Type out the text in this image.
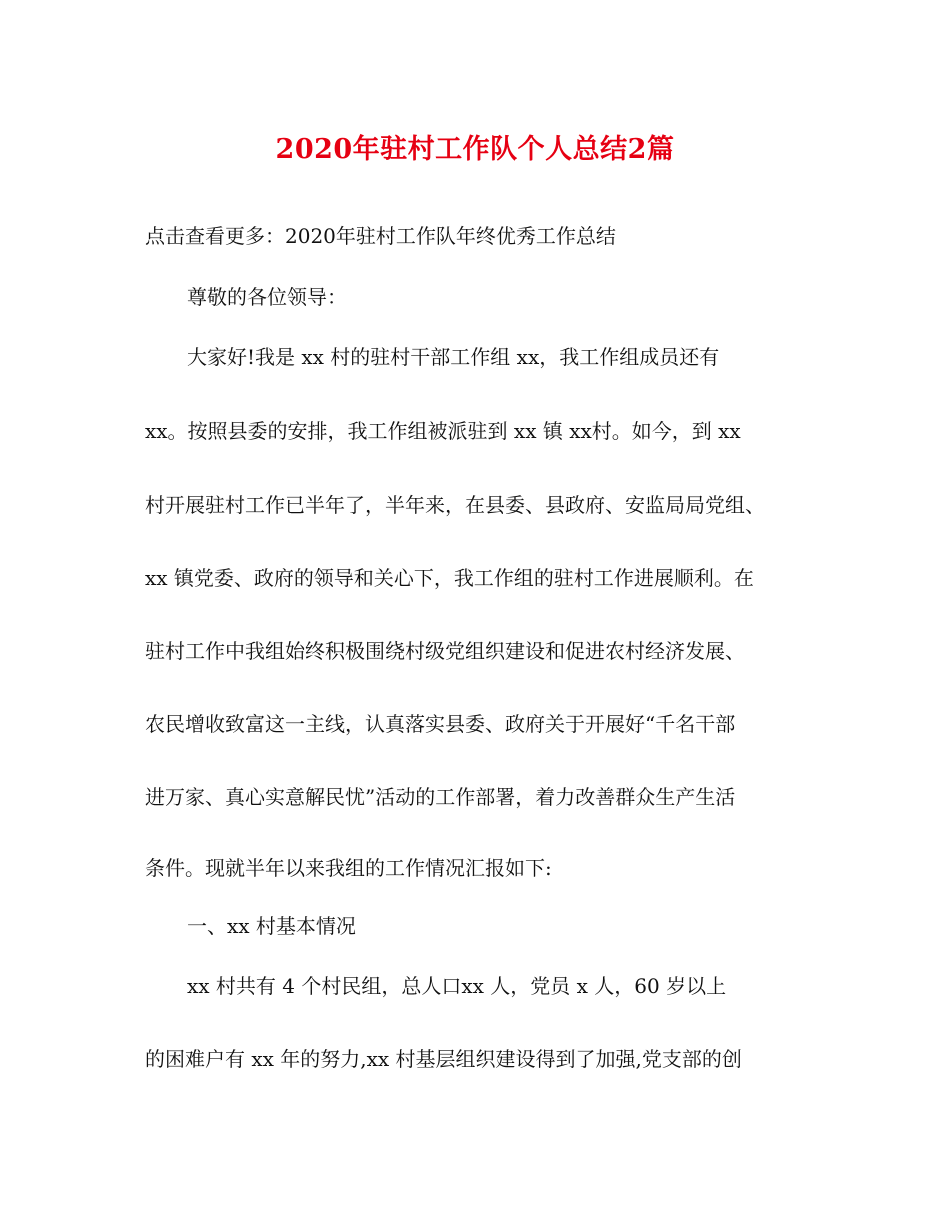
2020年驻村工作队个人总结2篇
点击查看更多：2020年驻村工作队年终优秀工作总结
尊敬的各位领导：
大家好!我是 xx 村的驻村干部工作组 xx，我工作组成员还有
xx。按照县委的安排，我工作组被派驻到 xx 镇 xx村。如今，到 xx
村开展驻村工作已半年了，半年来，在县委、县政府、安监局局党组、
xx 镇党委、政府的领导和关心下，我工作组的驻村工作进展顺利。在
驻村工作中我组始终积极围绕村级党组织建设和促进农村经济发展、
农民增收致富这一主线，认真落实县委、政府关于开展好“千名干部
进万家、真心实意解民忧”活动的工作部署，着力改善群众生产生活
条件。现就半年以来我组的工作情况汇报如下:
一、xx 村基本情况
xx 村共有 4 个村民组，总人口xx 人，党员 x 人，60 岁以上
的困难户有 xx 年的努力,xx 村基层组织建设得到了加强,党支部的创
